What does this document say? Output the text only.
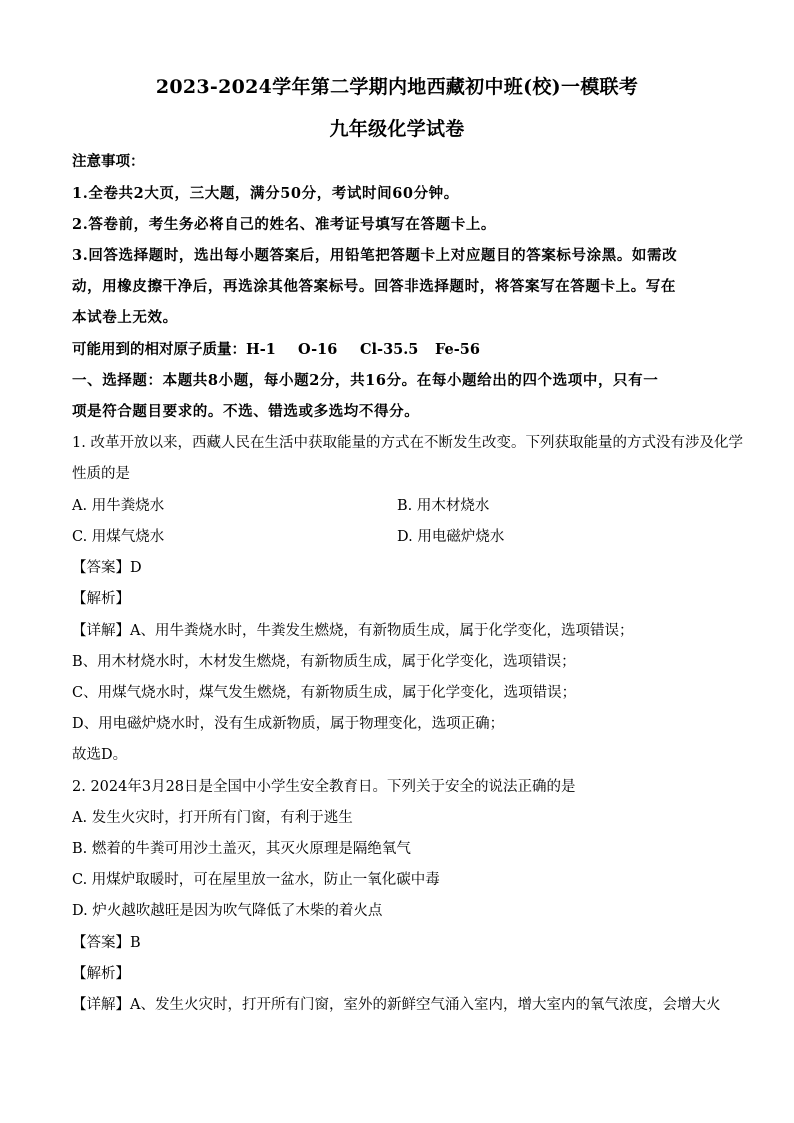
2023-2024学年第二学期内地西藏初中班(校)一模联考
九年级化学试卷
注意事项：
1.全卷共2大页，三大题，满分50分，考试时间60分钟。
2.答卷前，考生务必将自己的姓名、准考证号填写在答题卡上。
3.回答选择题时，选出每小题答案后，用铅笔把答题卡上对应题目的答案标号涂黑。如需改
动，用橡皮擦干净后，再选涂其他答案标号。回答非选择题时，将答案写在答题卡上。写在
本试卷上无效。
可能用到的相对原子质量：H-1 O-16 Cl-35.5 Fe-56
一、选择题：本题共8小题，每小题2分，共16分。在每小题给出的四个选项中，只有一
项是符合题目要求的。不选、错选或多选均不得分。
1. 改革开放以来，西藏人民在生活中获取能量的方式在不断发生改变。下列获取能量的方式没有涉及化学
性质的是
A. 用牛粪烧水	B. 用木材烧水
C. 用煤气烧水	D. 用电磁炉烧水
【答案】D
【解析】
【详解】A、用牛粪烧水时，牛粪发生燃烧，有新物质生成，属于化学变化，选项错误；
B、用木材烧水时，木材发生燃烧，有新物质生成，属于化学变化，选项错误；
C、用煤气烧水时，煤气发生燃烧，有新物质生成，属于化学变化，选项错误；
D、用电磁炉烧水时，没有生成新物质，属于物理变化，选项正确；
故选D。
2. 2024年3月28日是全国中小学生安全教育日。下列关于安全的说法正确的是
A. 发生火灾时，打开所有门窗，有利于逃生
B. 燃着的牛粪可用沙土盖灭，其灭火原理是隔绝氧气
C. 用煤炉取暖时，可在屋里放一盆水，防止一氧化碳中毒
D. 炉火越吹越旺是因为吹气降低了木柴的着火点
【答案】B
【解析】
【详解】A、发生火灾时，打开所有门窗，室外的新鲜空气涌入室内，增大室内的氧气浓度，会增大火
